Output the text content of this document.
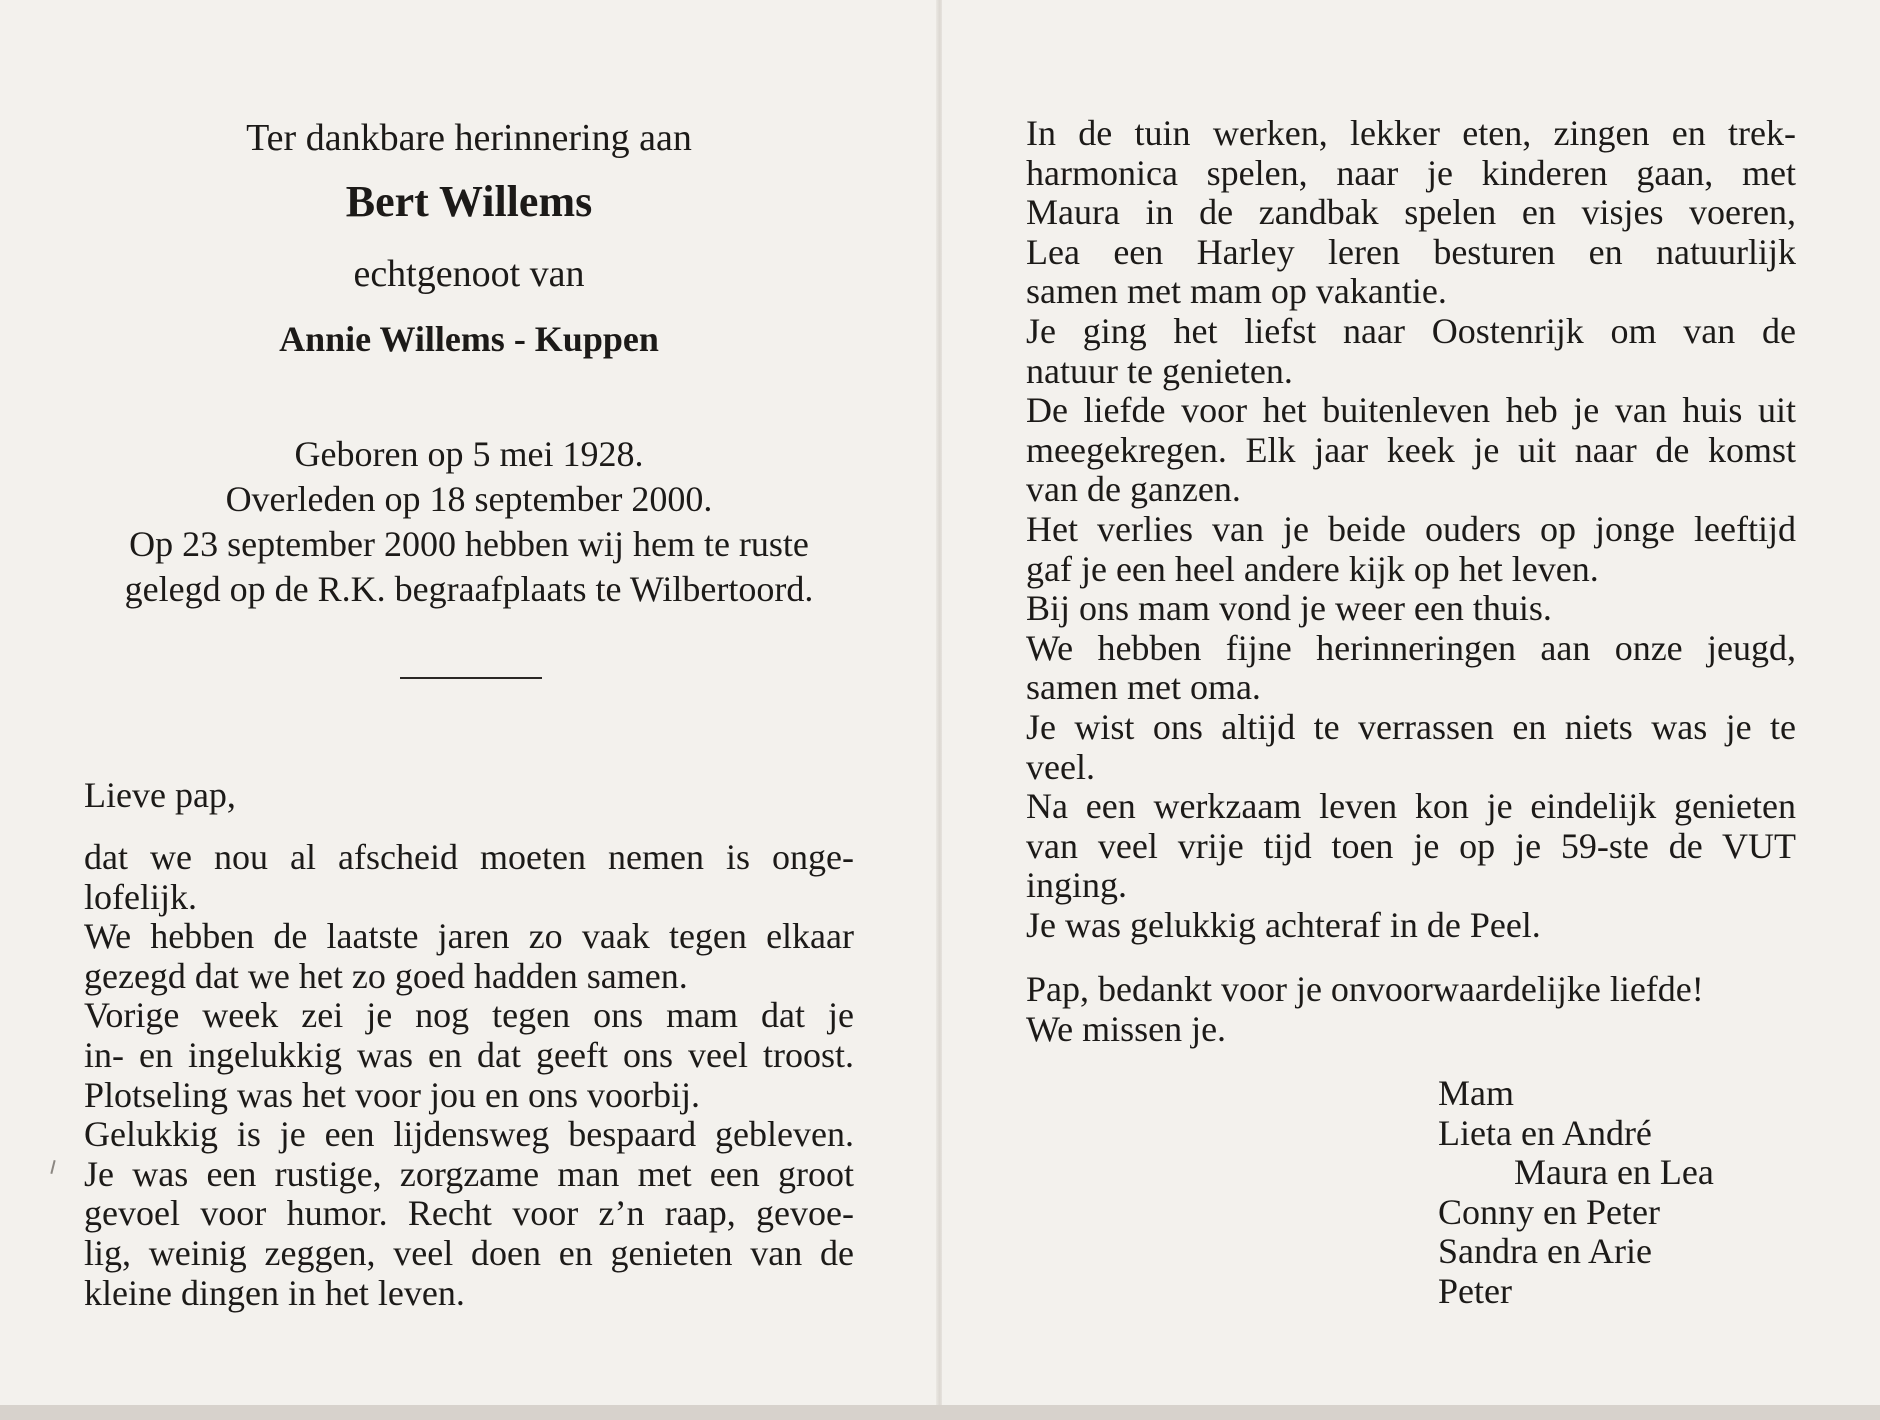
Ter dankbare herinnering aan
Bert Willems
echtgenoot van
Annie Willems - Kuppen
Geboren op 5 mei 1928.
Overleden op 18 september 2000.
Op 23 september 2000 hebben wij hem te ruste
gelegd op de R.K. begraafplaats te Wilbertoord.
Lieve pap,
dat we nou al afscheid moeten nemen is onge-
lofelijk.
We hebben de laatste jaren zo vaak tegen elkaar
gezegd dat we het zo goed hadden samen.
Vorige week zei je nog tegen ons mam dat je
in- en ingelukkig was en dat geeft ons veel troost.
Plotseling was het voor jou en ons voorbij.
Gelukkig is je een lijdensweg bespaard gebleven.
Je was een rustige, zorgzame man met een groot
gevoel voor humor. Recht voor z’n raap, gevoe-
lig, weinig zeggen, veel doen en genieten van de
kleine dingen in het leven.
In de tuin werken, lekker eten, zingen en trek-
harmonica spelen, naar je kinderen gaan, met
Maura in de zandbak spelen en visjes voeren,
Lea een Harley leren besturen en natuurlijk
samen met mam op vakantie.
Je ging het liefst naar Oostenrijk om van de
natuur te genieten.
De liefde voor het buitenleven heb je van huis uit
meegekregen. Elk jaar keek je uit naar de komst
van de ganzen.
Het verlies van je beide ouders op jonge leeftijd
gaf je een heel andere kijk op het leven.
Bij ons mam vond je weer een thuis.
We hebben fijne herinneringen aan onze jeugd,
samen met oma.
Je wist ons altijd te verrassen en niets was je te
veel.
Na een werkzaam leven kon je eindelijk genieten
van veel vrije tijd toen je op je 59-ste de VUT
inging.
Je was gelukkig achteraf in de Peel.
Pap, bedankt voor je onvoorwaardelijke liefde!
We missen je.
Mam
Lieta en André
Maura en Lea
Conny en Peter
Sandra en Arie
Peter
